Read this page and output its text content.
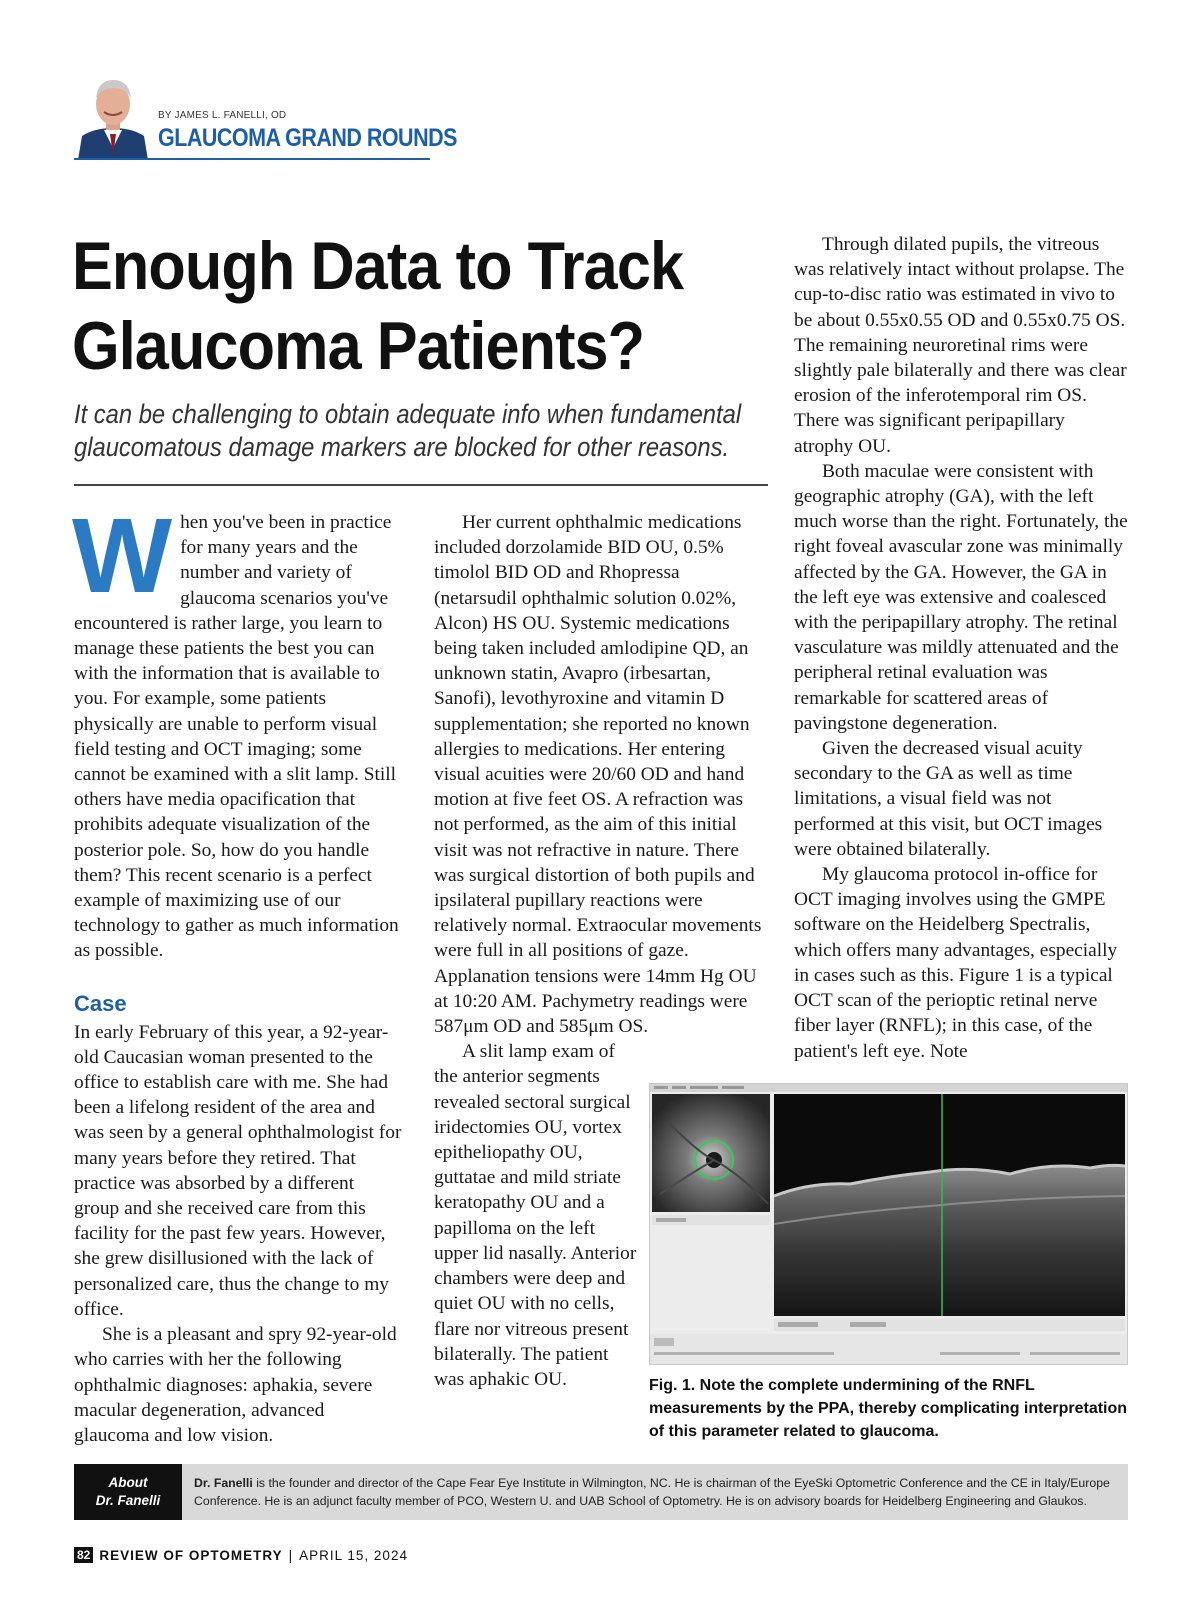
BY JAMES L. FANELLI, OD
GLAUCOMA GRAND ROUNDS
Enough Data to Track Glaucoma Patients?

It can be challenging to obtain adequate info when fundamental glaucomatous damage markers are blocked for other reasons.

When you've been in practice for many years and the number and variety of glaucoma scenarios you've encountered is rather large, you learn to manage these patients the best you can with the information that is available to you. For example, some patients physically are unable to perform visual field testing and OCT imaging; some cannot be examined with a slit lamp. Still others have media opacification that prohibits adequate visualization of the posterior pole. So, how do you handle them? This recent scenario is a perfect example of maximizing use of our technology to gather as much information as possible.

Case

In early February of this year, a 92-year-old Caucasian woman presented to the office to establish care with me. She had been a lifelong resident of the area and was seen by a general ophthalmologist for many years before they retired. That practice was absorbed by a different group and she received care from this facility for the past few years. However, she grew disillusioned with the lack of personalized care, thus the change to my office.

She is a pleasant and spry 92-year-old who carries with her the following ophthalmic diagnoses: aphakia, severe macular degeneration, advanced glaucoma and low vision.

Her current ophthalmic medications included dorzolamide BID OU, 0.5% timolol BID OD and Rhopressa (netarsudil ophthalmic solution 0.02%, Alcon) HS OU. Systemic medications being taken included amlodipine QD, an unknown statin, Avapro (irbesartan, Sanofi), levothyroxine and vitamin D supplementation; she reported no known allergies to medications. Her entering visual acuities were 20/60 OD and hand motion at five feet OS. A refraction was not performed, as the aim of this initial visit was not refractive in nature. There was surgical distortion of both pupils and ipsilateral pupillary reactions were relatively normal. Extraocular movements were full in all positions of gaze. Applanation tensions were 14mm Hg OU at 10:20 AM. Pachymetry readings were 587μm OD and 585μm OS.

A slit lamp exam of the anterior segments revealed sectoral surgical iridectomies OU, vortex epitheliopathy OU, guttatae and mild striate keratopathy OU and a papilloma on the left upper lid nasally. Anterior chambers were deep and quiet OU with no cells, flare nor vitreous present bilaterally. The patient was aphakic OU.

Through dilated pupils, the vitreous was relatively intact without prolapse. The cup-to-disc ratio was estimated in vivo to be about 0.55x0.55 OD and 0.55x0.75 OS. The remaining neuroretinal rims were slightly pale bilaterally and there was clear erosion of the inferotemporal rim OS. There was significant peripapillary atrophy OU.

Both maculae were consistent with geographic atrophy (GA), with the left much worse than the right. Fortunately, the right foveal avascular zone was minimally affected by the GA. However, the GA in the left eye was extensive and coalesced with the peripapillary atrophy. The retinal vasculature was mildly attenuated and the peripheral retinal evaluation was remarkable for scattered areas of pavingstone degeneration.

Given the decreased visual acuity secondary to the GA as well as time limitations, a visual field was not performed at this visit, but OCT images were obtained bilaterally.

My glaucoma protocol in-office for OCT imaging involves using the GMPE software on the Heidelberg Spectralis, which offers many advantages, especially in cases such as this. Figure 1 is a typical OCT scan of the perioptic retinal nerve fiber layer (RNFL); in this case, of the patient's left eye. Note

Fig. 1. Note the complete undermining of the RNFL measurements by the PPA, thereby complicating interpretation of this parameter related to glaucoma.
About
Dr. Fanelli
Dr. Fanelli is the founder and director of the Cape Fear Eye Institute in Wilmington, NC. He is chairman of the EyeSki Optometric Conference and the CE in Italy/Europe Conference. He is an adjunct faculty member of PCO, Western U. and UAB School of Optometry. He is on advisory boards for Heidelberg Engineering and Glaukos.
82 REVIEW OF OPTOMETRY | APRIL 15, 2024
